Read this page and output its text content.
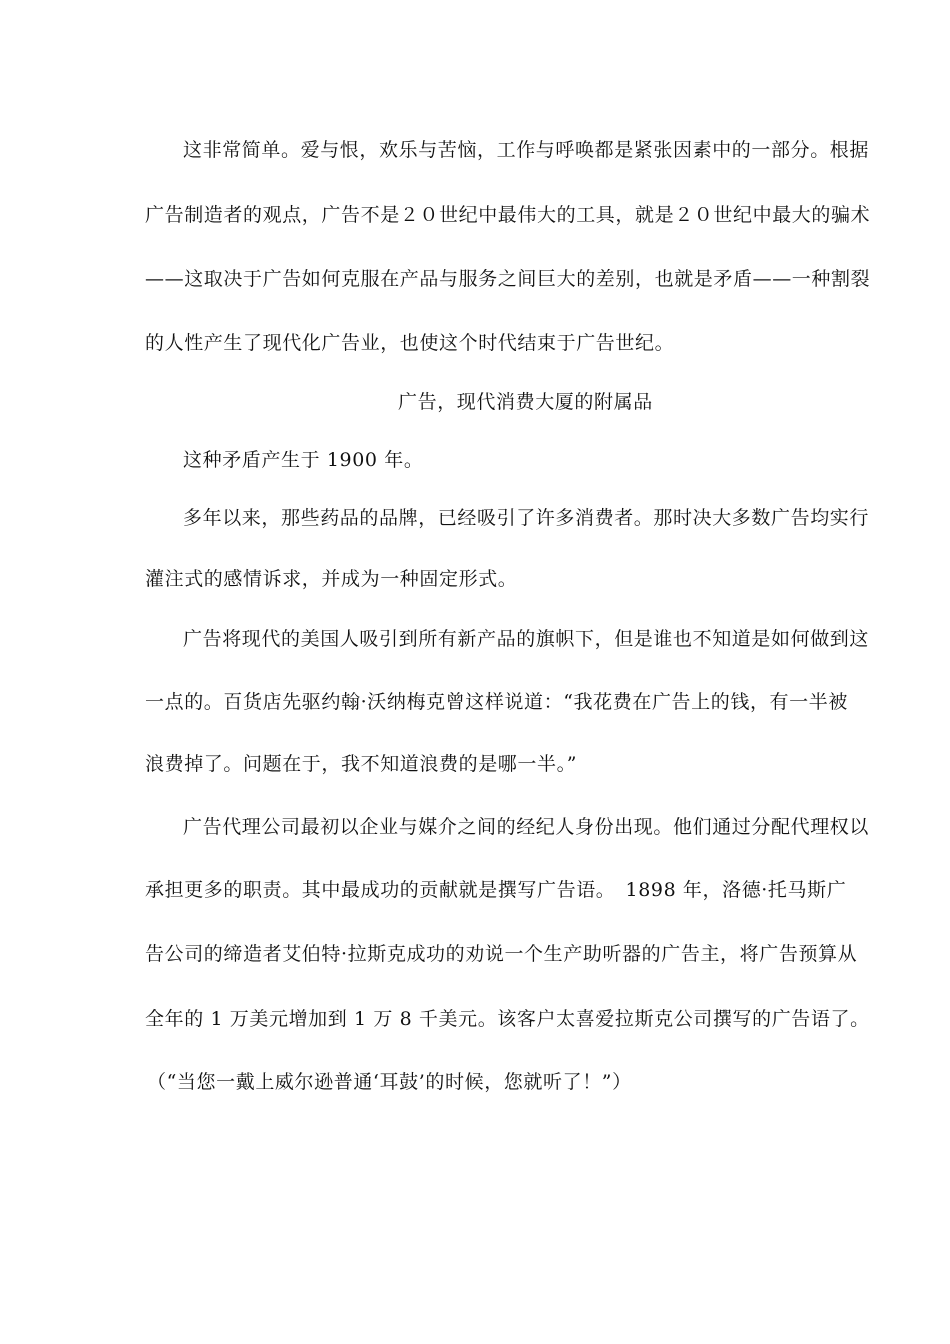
这非常简单。爱与恨，欢乐与苦恼，工作与呼唤都是紧张因素中的一部分。根据
广告制造者的观点，广告不是２０世纪中最伟大的工具，就是２０世纪中最大的骗术
——这取决于广告如何克服在产品与服务之间巨大的差别，也就是矛盾——一种割裂
的人性产生了现代化广告业，也使这个时代结束于广告世纪。
广告，现代消费大厦的附属品
这种矛盾产生于 1900 年。
多年以来，那些药品的品牌，已经吸引了许多消费者。那时决大多数广告均实行
灌注式的感情诉求，并成为一种固定形式。
广告将现代的美国人吸引到所有新产品的旗帜下，但是谁也不知道是如何做到这
一点的。百货店先驱约翰·沃纳梅克曾这样说道：“我花费在广告上的钱，有一半被
浪费掉了。问题在于，我不知道浪费的是哪一半。”
广告代理公司最初以企业与媒介之间的经纪人身份出现。他们通过分配代理权以
承担更多的职责。其中最成功的贡献就是撰写广告语。　1898 年，洛德·托马斯广
告公司的缔造者艾伯特·拉斯克成功的劝说一个生产助听器的广告主，将广告预算从
全年的 1 万美元增加到 1 万 8 千美元。该客户太喜爱拉斯克公司撰写的广告语了。
（“当您一戴上威尔逊普通‘耳鼓’的时候，您就听了！”）
